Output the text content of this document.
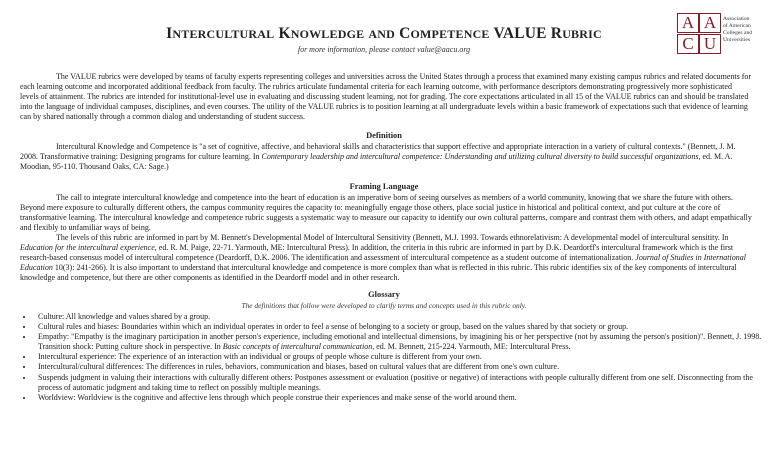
INTERCULTURAL KNOWLEDGE AND COMPETENCE VALUE RUBRIC
for more information, please contact value@aacu.org
A A
C U
Association
of American
Colleges and
Universities

The VALUE rubrics were developed by teams of faculty experts representing colleges and universities across the United States through a process that examined many existing campus rubrics and related documents for each learning outcome and incorporated additional feedback from faculty. The rubrics articulate fundamental criteria for each learning outcome, with performance descriptors demonstrating progressively more sophisticated levels of attainment. The rubrics are intended for institutional-level use in evaluating and discussing student learning, not for grading. The core expectations articulated in all 15 of the VALUE rubrics can and should be translated into the language of individual campuses, disciplines, and even courses. The utility of the VALUE rubrics is to position learning at all undergraduate levels within a basic framework of expectations such that evidence of learning can by shared nationally through a common dialog and understanding of student success.

Definition

Intercultural Knowledge and Competence is "a set of cognitive, affective, and behavioral skills and characteristics that support effective and appropriate interaction in a variety of cultural contexts." (Bennett, J. M. 2008. Transformative training: Designing programs for culture learning. In Contemporary leadership and intercultural competence: Understanding and utilizing cultural diversity to build successful organizations, ed. M. A. Moodian, 95-110. Thousand Oaks, CA: Sage.)

Framing Language

The call to integrate intercultural knowledge and competence into the heart of education is an imperative born of seeing ourselves as members of a world community, knowing that we share the future with others. Beyond mere exposure to culturally different others, the campus community requires the capacity to: meaningfully engage those others, place social justice in historical and political context, and put culture at the core of transformative learning. The intercultural knowledge and competence rubric suggests a systematic way to measure our capacity to identify our own cultural patterns, compare and contrast them with others, and adapt empathically and flexibly to unfamiliar ways of being.

The levels of this rubric are informed in part by M. Bennett's Developmental Model of Intercultural Sensitivity (Bennett, M.J. 1993. Towards ethnorelativism: A developmental model of intercultural sensitity. In Education for the intercultural experience, ed. R. M. Paige, 22-71. Yarmouth, ME: Intercultural Press). In addition, the criteria in this rubric are informed in part by D.K. Deardorff's intercultural framework which is the first research-based consensus model of intercultural competence (Deardorff, D.K. 2006. The identification and assessment of intercultural competence as a student outcome of internationalization. Journal of Studies in International Education 10(3): 241-266). It is also important to understand that intercultural knowledge and competence is more complex than what is reflected in this rubric. This rubric identifies six of the key components of intercultural knowledge and competence, but there are other components as identified in the Deardorff model and in other research.

Glossary
The definitions that follow were developed to clarify terms and concepts used in this rubric only.
• Culture: All knowledge and values shared by a group.
• Cultural rules and biases: Boundaries within which an individual operates in order to feel a sense of belonging to a society or group, based on the values shared by that society or group.
• Empathy: "Empathy is the imaginary participation in another person's experience, including emotional and intellectual dimensions, by imagining his or her perspective (not by assuming the person's position)". Bennett, J. 1998. Transition shock: Putting culture shock in perspective. In Basic concepts of intercultural communication, ed. M. Bennett, 215-224. Yarmouth, ME: Intercultural Press.
• Intercultural experience: The experience of an interaction with an individual or groups of people whose culture is different from your own.
• Intercultural/cultural differences: The differences in rules, behaviors, communication and biases, based on cultural values that are different from one's own culture.
• Suspends judgment in valuing their interactions with culturally different others: Postpones assessment or evaluation (positive or negative) of interactions with people culturally different from one self. Disconnecting from the process of automatic judgment and taking time to reflect on possibly multiple meanings.
• Worldview: Worldview is the cognitive and affective lens through which people construe their experiences and make sense of the world around them.
